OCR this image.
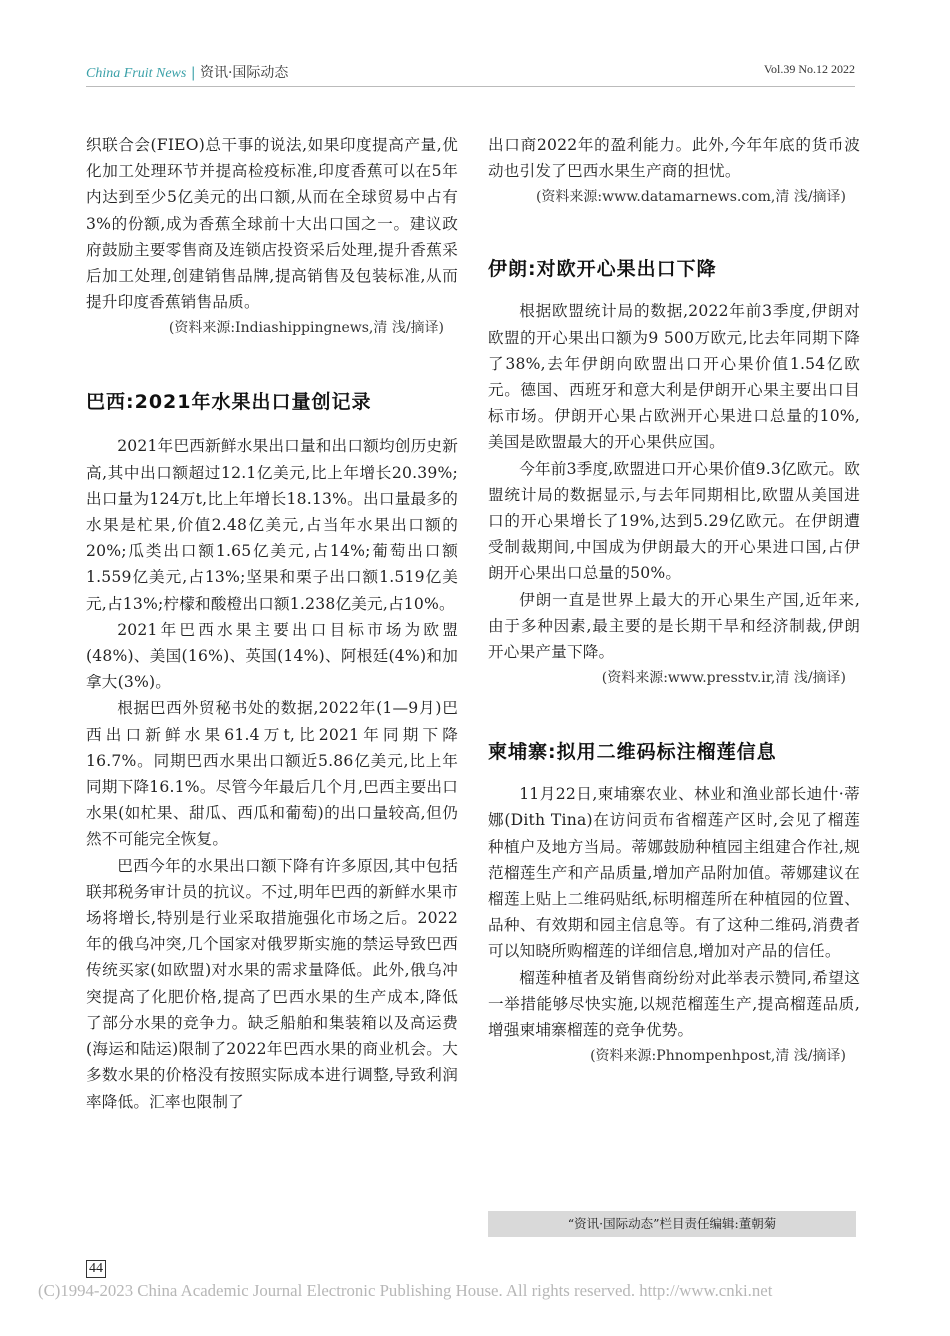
China Fruit News | 资讯·国际动态	Vol.39 No.12 2022

织联合会(FIEO)总干事的说法,如果印度提高产量,优化加工处理环节并提高检疫标准,印度香蕉可以在5年内达到至少5亿美元的出口额,从而在全球贸易中占有3%的份额,成为香蕉全球前十大出口国之一。建议政府鼓励主要零售商及连锁店投资采后处理,提升香蕉采后加工处理,创建销售品牌,提高销售及包装标准,从而提升印度香蕉销售品质。

(资料来源:Indiashippingnews,清 浅/摘译)

巴西:2021年水果出口量创记录

2021年巴西新鲜水果出口量和出口额均创历史新高,其中出口额超过12.1亿美元,比上年增长20.39%;出口量为124万t,比上年增长18.13%。出口量最多的水果是杧果,价值2.48亿美元,占当年水果出口额的20%;瓜类出口额1.65亿美元,占14%;葡萄出口额1.559亿美元,占13%;坚果和栗子出口额1.519亿美元,占13%;柠檬和酸橙出口额1.238亿美元,占10%。

2021年巴西水果主要出口目标市场为欧盟(48%)、美国(16%)、英国(14%)、阿根廷(4%)和加拿大(3%)。

根据巴西外贸秘书处的数据,2022年(1—9月)巴西出口新鲜水果61.4万t,比2021年同期下降16.7%。同期巴西水果出口额近5.86亿美元,比上年同期下降16.1%。尽管今年最后几个月,巴西主要出口水果(如杧果、甜瓜、西瓜和葡萄)的出口量较高,但仍然不可能完全恢复。

巴西今年的水果出口额下降有许多原因,其中包括联邦税务审计员的抗议。不过,明年巴西的新鲜水果市场将增长,特别是行业采取措施强化市场之后。2022年的俄乌冲突,几个国家对俄罗斯实施的禁运导致巴西传统买家(如欧盟)对水果的需求量降低。此外,俄乌冲突提高了化肥价格,提高了巴西水果的生产成本,降低了部分水果的竞争力。缺乏船舶和集装箱以及高运费(海运和陆运)限制了2022年巴西水果的商业机会。大多数水果的价格没有按照实际成本进行调整,导致利润率降低。汇率也限制了

出口商2022年的盈利能力。此外,今年年底的货币波动也引发了巴西水果生产商的担忧。

(资料来源:www.datamarnews.com,清 浅/摘译)

伊朗:对欧开心果出口下降

根据欧盟统计局的数据,2022年前3季度,伊朗对欧盟的开心果出口额为9 500万欧元,比去年同期下降了38%,去年伊朗向欧盟出口开心果价值1.54亿欧元。德国、西班牙和意大利是伊朗开心果主要出口目标市场。伊朗开心果占欧洲开心果进口总量的10%,美国是欧盟最大的开心果供应国。

今年前3季度,欧盟进口开心果价值9.3亿欧元。欧盟统计局的数据显示,与去年同期相比,欧盟从美国进口的开心果增长了19%,达到5.29亿欧元。在伊朗遭受制裁期间,中国成为伊朗最大的开心果进口国,占伊朗开心果出口总量的50%。

伊朗一直是世界上最大的开心果生产国,近年来,由于多种因素,最主要的是长期干旱和经济制裁,伊朗开心果产量下降。

(资料来源:www.presstv.ir,清 浅/摘译)

柬埔寨:拟用二维码标注榴莲信息

11月22日,柬埔寨农业、林业和渔业部长迪什·蒂娜(Dith Tina)在访问贡布省榴莲产区时,会见了榴莲种植户及地方当局。蒂娜鼓励种植园主组建合作社,规范榴莲生产和产品质量,增加产品附加值。蒂娜建议在榴莲上贴上二维码贴纸,标明榴莲所在种植园的位置、品种、有效期和园主信息等。有了这种二维码,消费者可以知晓所购榴莲的详细信息,增加对产品的信任。

榴莲种植者及销售商纷纷对此举表示赞同,希望这一举措能够尽快实施,以规范榴莲生产,提高榴莲品质,增强柬埔寨榴莲的竞争优势。

(资料来源:Phnompenhpost,清 浅/摘译)

“资讯·国际动态”栏目责任编辑:董朝菊
44
(C)1994-2023 China Academic Journal Electronic Publishing House. All rights reserved. http://www.cnki.net
